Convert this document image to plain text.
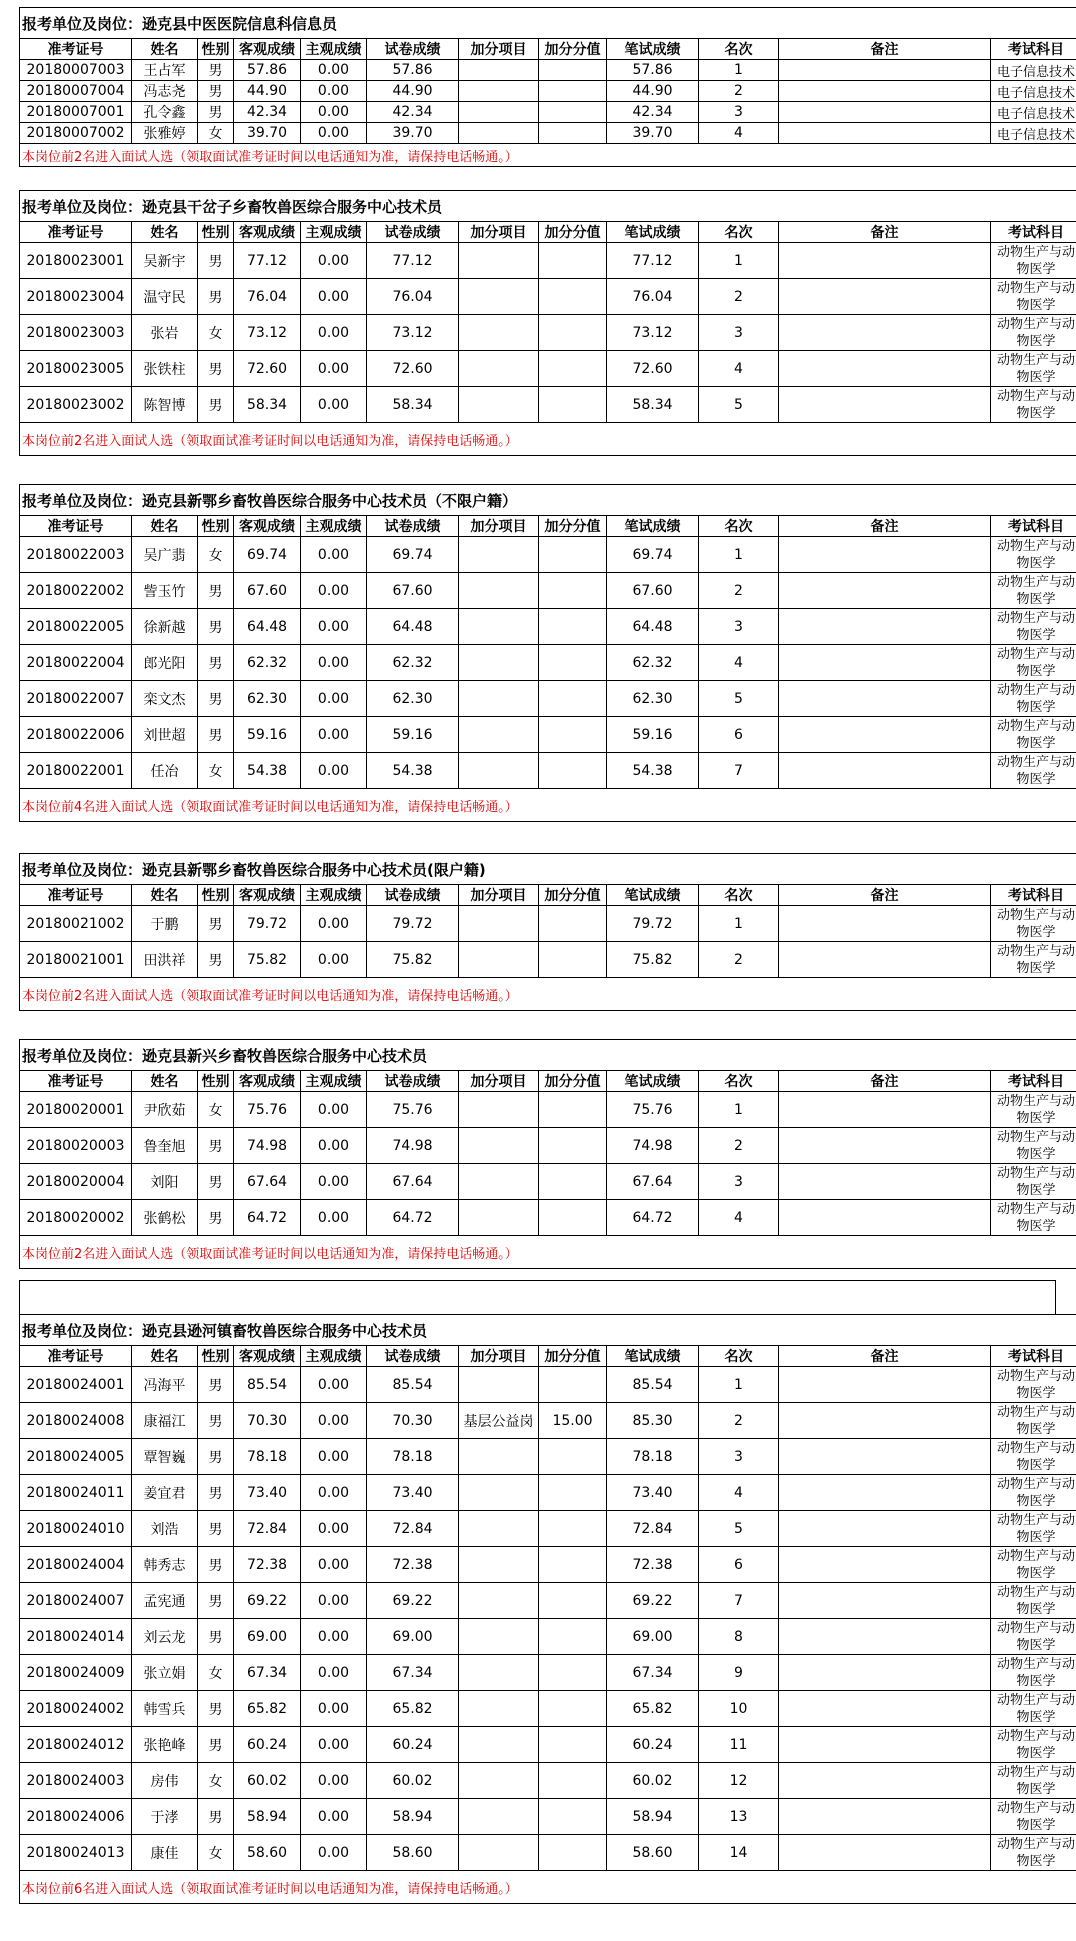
报考单位及岗位：逊克县中医医院信息科信息员											
准考证号	姓名	性别	客观成绩	主观成绩	试卷成绩	加分项目	加分分值	笔试成绩	名次	备注	考试科目
20180007003	王占军	男	57.86	0.00	57.86			57.86	1		电子信息技术
20180007004	冯志尧	男	44.90	0.00	44.90			44.90	2		电子信息技术
20180007001	孔令鑫	男	42.34	0.00	42.34			42.34	3		电子信息技术
20180007002	张雅婷	女	39.70	0.00	39.70			39.70	4		电子信息技术
本岗位前2名进入面试人选（领取面试准考证时间以电话通知为准，请保持电话畅通。）											
报考单位及岗位：逊克县干岔子乡畜牧兽医综合服务中心技术员											
准考证号	姓名	性别	客观成绩	主观成绩	试卷成绩	加分项目	加分分值	笔试成绩	名次	备注	考试科目
20180023001	吴新宇	男	77.12	0.00	77.12			77.12	1		动物生产与动物医学
20180023004	温守民	男	76.04	0.00	76.04			76.04	2		动物生产与动物医学
20180023003	张岩	女	73.12	0.00	73.12			73.12	3		动物生产与动物医学
20180023005	张铁柱	男	72.60	0.00	72.60			72.60	4		动物生产与动物医学
20180023002	陈智博	男	58.34	0.00	58.34			58.34	5		动物生产与动物医学
本岗位前2名进入面试人选（领取面试准考证时间以电话通知为准，请保持电话畅通。）											
报考单位及岗位：逊克县新鄂乡畜牧兽医综合服务中心技术员（不限户籍）											
准考证号	姓名	性别	客观成绩	主观成绩	试卷成绩	加分项目	加分分值	笔试成绩	名次	备注	考试科目
20180022003	吴广翡	女	69.74	0.00	69.74			69.74	1		动物生产与动物医学
20180022002	訾玉竹	男	67.60	0.00	67.60			67.60	2		动物生产与动物医学
20180022005	徐新越	男	64.48	0.00	64.48			64.48	3		动物生产与动物医学
20180022004	郎光阳	男	62.32	0.00	62.32			62.32	4		动物生产与动物医学
20180022007	栾文杰	男	62.30	0.00	62.30			62.30	5		动物生产与动物医学
20180022006	刘世超	男	59.16	0.00	59.16			59.16	6		动物生产与动物医学
20180022001	任冶	女	54.38	0.00	54.38			54.38	7		动物生产与动物医学
本岗位前4名进入面试人选（领取面试准考证时间以电话通知为准，请保持电话畅通。）											
报考单位及岗位：逊克县新鄂乡畜牧兽医综合服务中心技术员(限户籍)											
准考证号	姓名	性别	客观成绩	主观成绩	试卷成绩	加分项目	加分分值	笔试成绩	名次	备注	考试科目
20180021002	于鹏	男	79.72	0.00	79.72			79.72	1		动物生产与动物医学
20180021001	田洪祥	男	75.82	0.00	75.82			75.82	2		动物生产与动物医学
本岗位前2名进入面试人选（领取面试准考证时间以电话通知为准，请保持电话畅通。）											
报考单位及岗位：逊克县新兴乡畜牧兽医综合服务中心技术员											
准考证号	姓名	性别	客观成绩	主观成绩	试卷成绩	加分项目	加分分值	笔试成绩	名次	备注	考试科目
20180020001	尹欣茹	女	75.76	0.00	75.76			75.76	1		动物生产与动物医学
20180020003	鲁奎旭	男	74.98	0.00	74.98			74.98	2		动物生产与动物医学
20180020004	刘阳	男	67.64	0.00	67.64			67.64	3		动物生产与动物医学
20180020002	张鹤松	男	64.72	0.00	64.72			64.72	4		动物生产与动物医学
本岗位前2名进入面试人选（领取面试准考证时间以电话通知为准，请保持电话畅通。）											
报考单位及岗位：逊克县逊河镇畜牧兽医综合服务中心技术员											
准考证号	姓名	性别	客观成绩	主观成绩	试卷成绩	加分项目	加分分值	笔试成绩	名次	备注	考试科目
20180024001	冯海平	男	85.54	0.00	85.54			85.54	1		动物生产与动物医学
20180024008	康福江	男	70.30	0.00	70.30	基层公益岗	15.00	85.30	2		动物生产与动物医学
20180024005	覃智巍	男	78.18	0.00	78.18			78.18	3		动物生产与动物医学
20180024011	姜宜君	男	73.40	0.00	73.40			73.40	4		动物生产与动物医学
20180024010	刘浩	男	72.84	0.00	72.84			72.84	5		动物生产与动物医学
20180024004	韩秀志	男	72.38	0.00	72.38			72.38	6		动物生产与动物医学
20180024007	孟宪通	男	69.22	0.00	69.22			69.22	7		动物生产与动物医学
20180024014	刘云龙	男	69.00	0.00	69.00			69.00	8		动物生产与动物医学
20180024009	张立娟	女	67.34	0.00	67.34			67.34	9		动物生产与动物医学
20180024002	韩雪兵	男	65.82	0.00	65.82			65.82	10		动物生产与动物医学
20180024012	张艳峰	男	60.24	0.00	60.24			60.24	11		动物生产与动物医学
20180024003	房伟	女	60.02	0.00	60.02			60.02	12		动物生产与动物医学
20180024006	于涍	男	58.94	0.00	58.94			58.94	13		动物生产与动物医学
20180024013	康佳	女	58.60	0.00	58.60			58.60	14		动物生产与动物医学
本岗位前6名进入面试人选（领取面试准考证时间以电话通知为准，请保持电话畅通。）											
